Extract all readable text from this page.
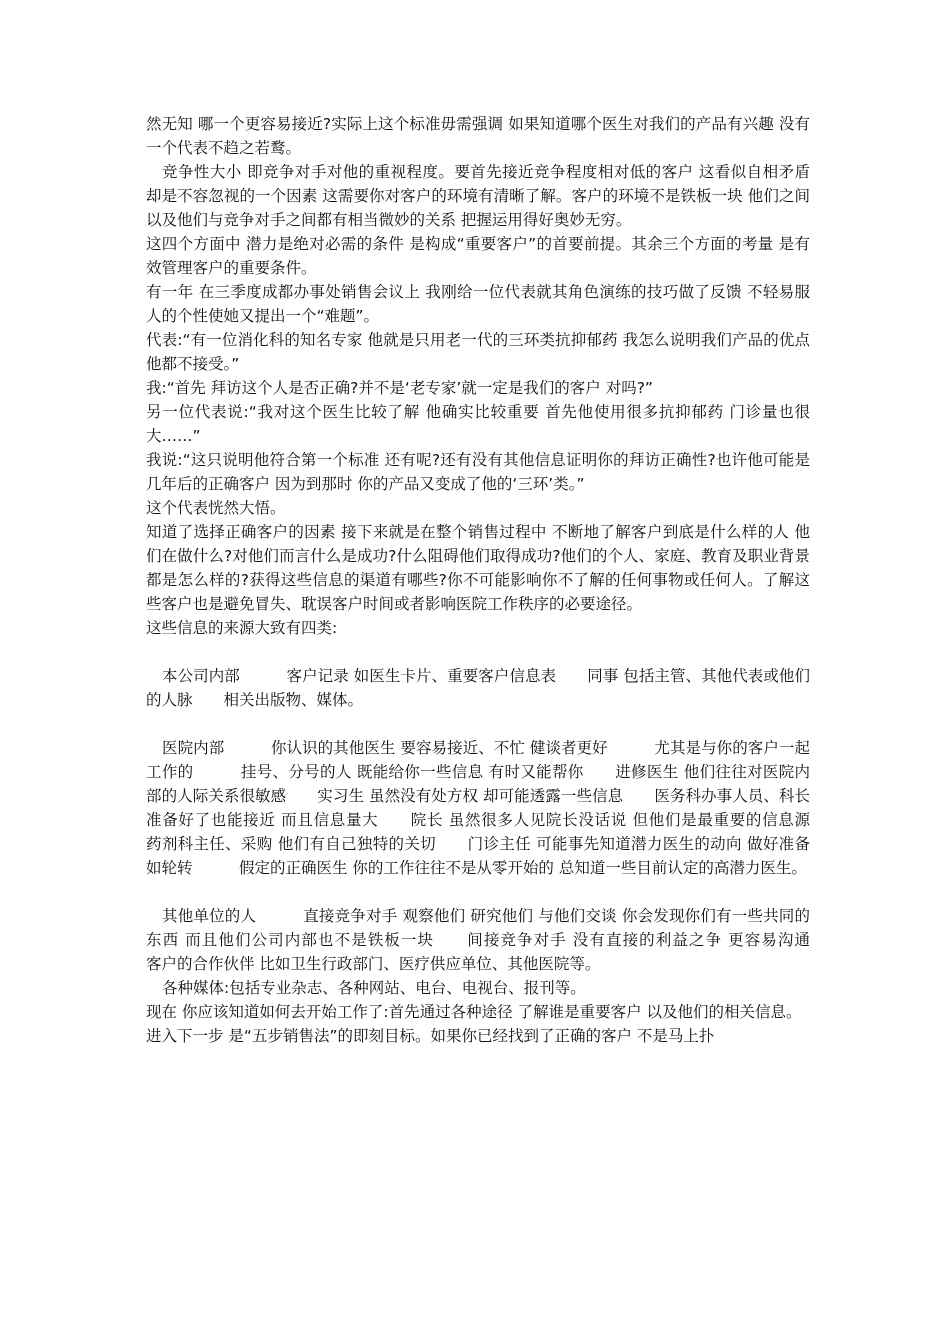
然无知 哪一个更容易接近?实际上这个标准毋需强调 如果知道哪个医生对我们的产品有兴趣 没有一个代表不趋之若鹜。

竞争性大小 即竞争对手对他的重视程度。要首先接近竞争程度相对低的客户 这看似自相矛盾 却是不容忽视的一个因素 这需要你对客户的环境有清晰了解。客户的环境不是铁板一块 他们之间 以及他们与竞争对手之间都有相当微妙的关系 把握运用得好奥妙无穷。

这四个方面中 潜力是绝对必需的条件 是构成“重要客户”的首要前提。其余三个方面的考量 是有效管理客户的重要条件。

有一年 在三季度成都办事处销售会议上 我刚给一位代表就其角色演练的技巧做了反馈 不轻易服人的个性使她又提出一个“难题”。

代表:“有一位消化科的知名专家 他就是只用老一代的三环类抗抑郁药 我怎么说明我们产品的优点他都不接受。”

我:“首先 拜访这个人是否正确?并不是‘老专家’就一定是我们的客户 对吗?”

另一位代表说:“我对这个医生比较了解 他确实比较重要 首先他使用很多抗抑郁药 门诊量也很大……”

我说:“这只说明他符合第一个标准 还有呢?还有没有其他信息证明你的拜访正确性?也许他可能是几年后的正确客户 因为到那时 你的产品又变成了他的‘三环’类。”

这个代表恍然大悟。

知道了选择正确客户的因素 接下来就是在整个销售过程中 不断地了解客户到底是什么样的人 他们在做什么?对他们而言什么是成功?什么阻碍他们取得成功?他们的个人、家庭、教育及职业背景都是怎么样的?获得这些信息的渠道有哪些?你不可能影响你不了解的任何事物或任何人。了解这些客户也是避免冒失、耽误客户时间或者影响医院工作秩序的必要途径。

这些信息的来源大致有四类:

本公司内部　　　客户记录 如医生卡片、重要客户信息表　　同事 包括主管、其他代表或他们的人脉　　相关出版物、媒体。

医院内部　　　你认识的其他医生 要容易接近、不忙 健谈者更好　　　尤其是与你的客户一起工作的　　　挂号、分号的人 既能给你一些信息 有时又能帮你　　进修医生 他们往往对医院内部的人际关系很敏感　　实习生 虽然没有处方权 却可能透露一些信息　　医务科办事人员、科长 准备好了也能接近 而且信息量大　　院长 虽然很多人见院长没话说 但他们是最重要的信息源　　药剂科主任、采购 他们有自己独特的关切　　门诊主任 可能事先知道潜力医生的动向 做好准备 如轮转　　　假定的正确医生 你的工作往往不是从零开始的 总知道一些目前认定的高潜力医生。

其他单位的人　　　直接竞争对手 观察他们 研究他们 与他们交谈 你会发现你们有一些共同的东西 而且他们公司内部也不是铁板一块　　间接竞争对手 没有直接的利益之争 更容易沟通　　客户的合作伙伴 比如卫生行政部门、医疗供应单位、其他医院等。

各种媒体:包括专业杂志、各种网站、电台、电视台、报刊等。

现在 你应该知道如何去开始工作了:首先通过各种途径 了解谁是重要客户 以及他们的相关信息。

进入下一步 是“五步销售法”的即刻目标。如果你已经找到了正确的客户 不是马上扑
